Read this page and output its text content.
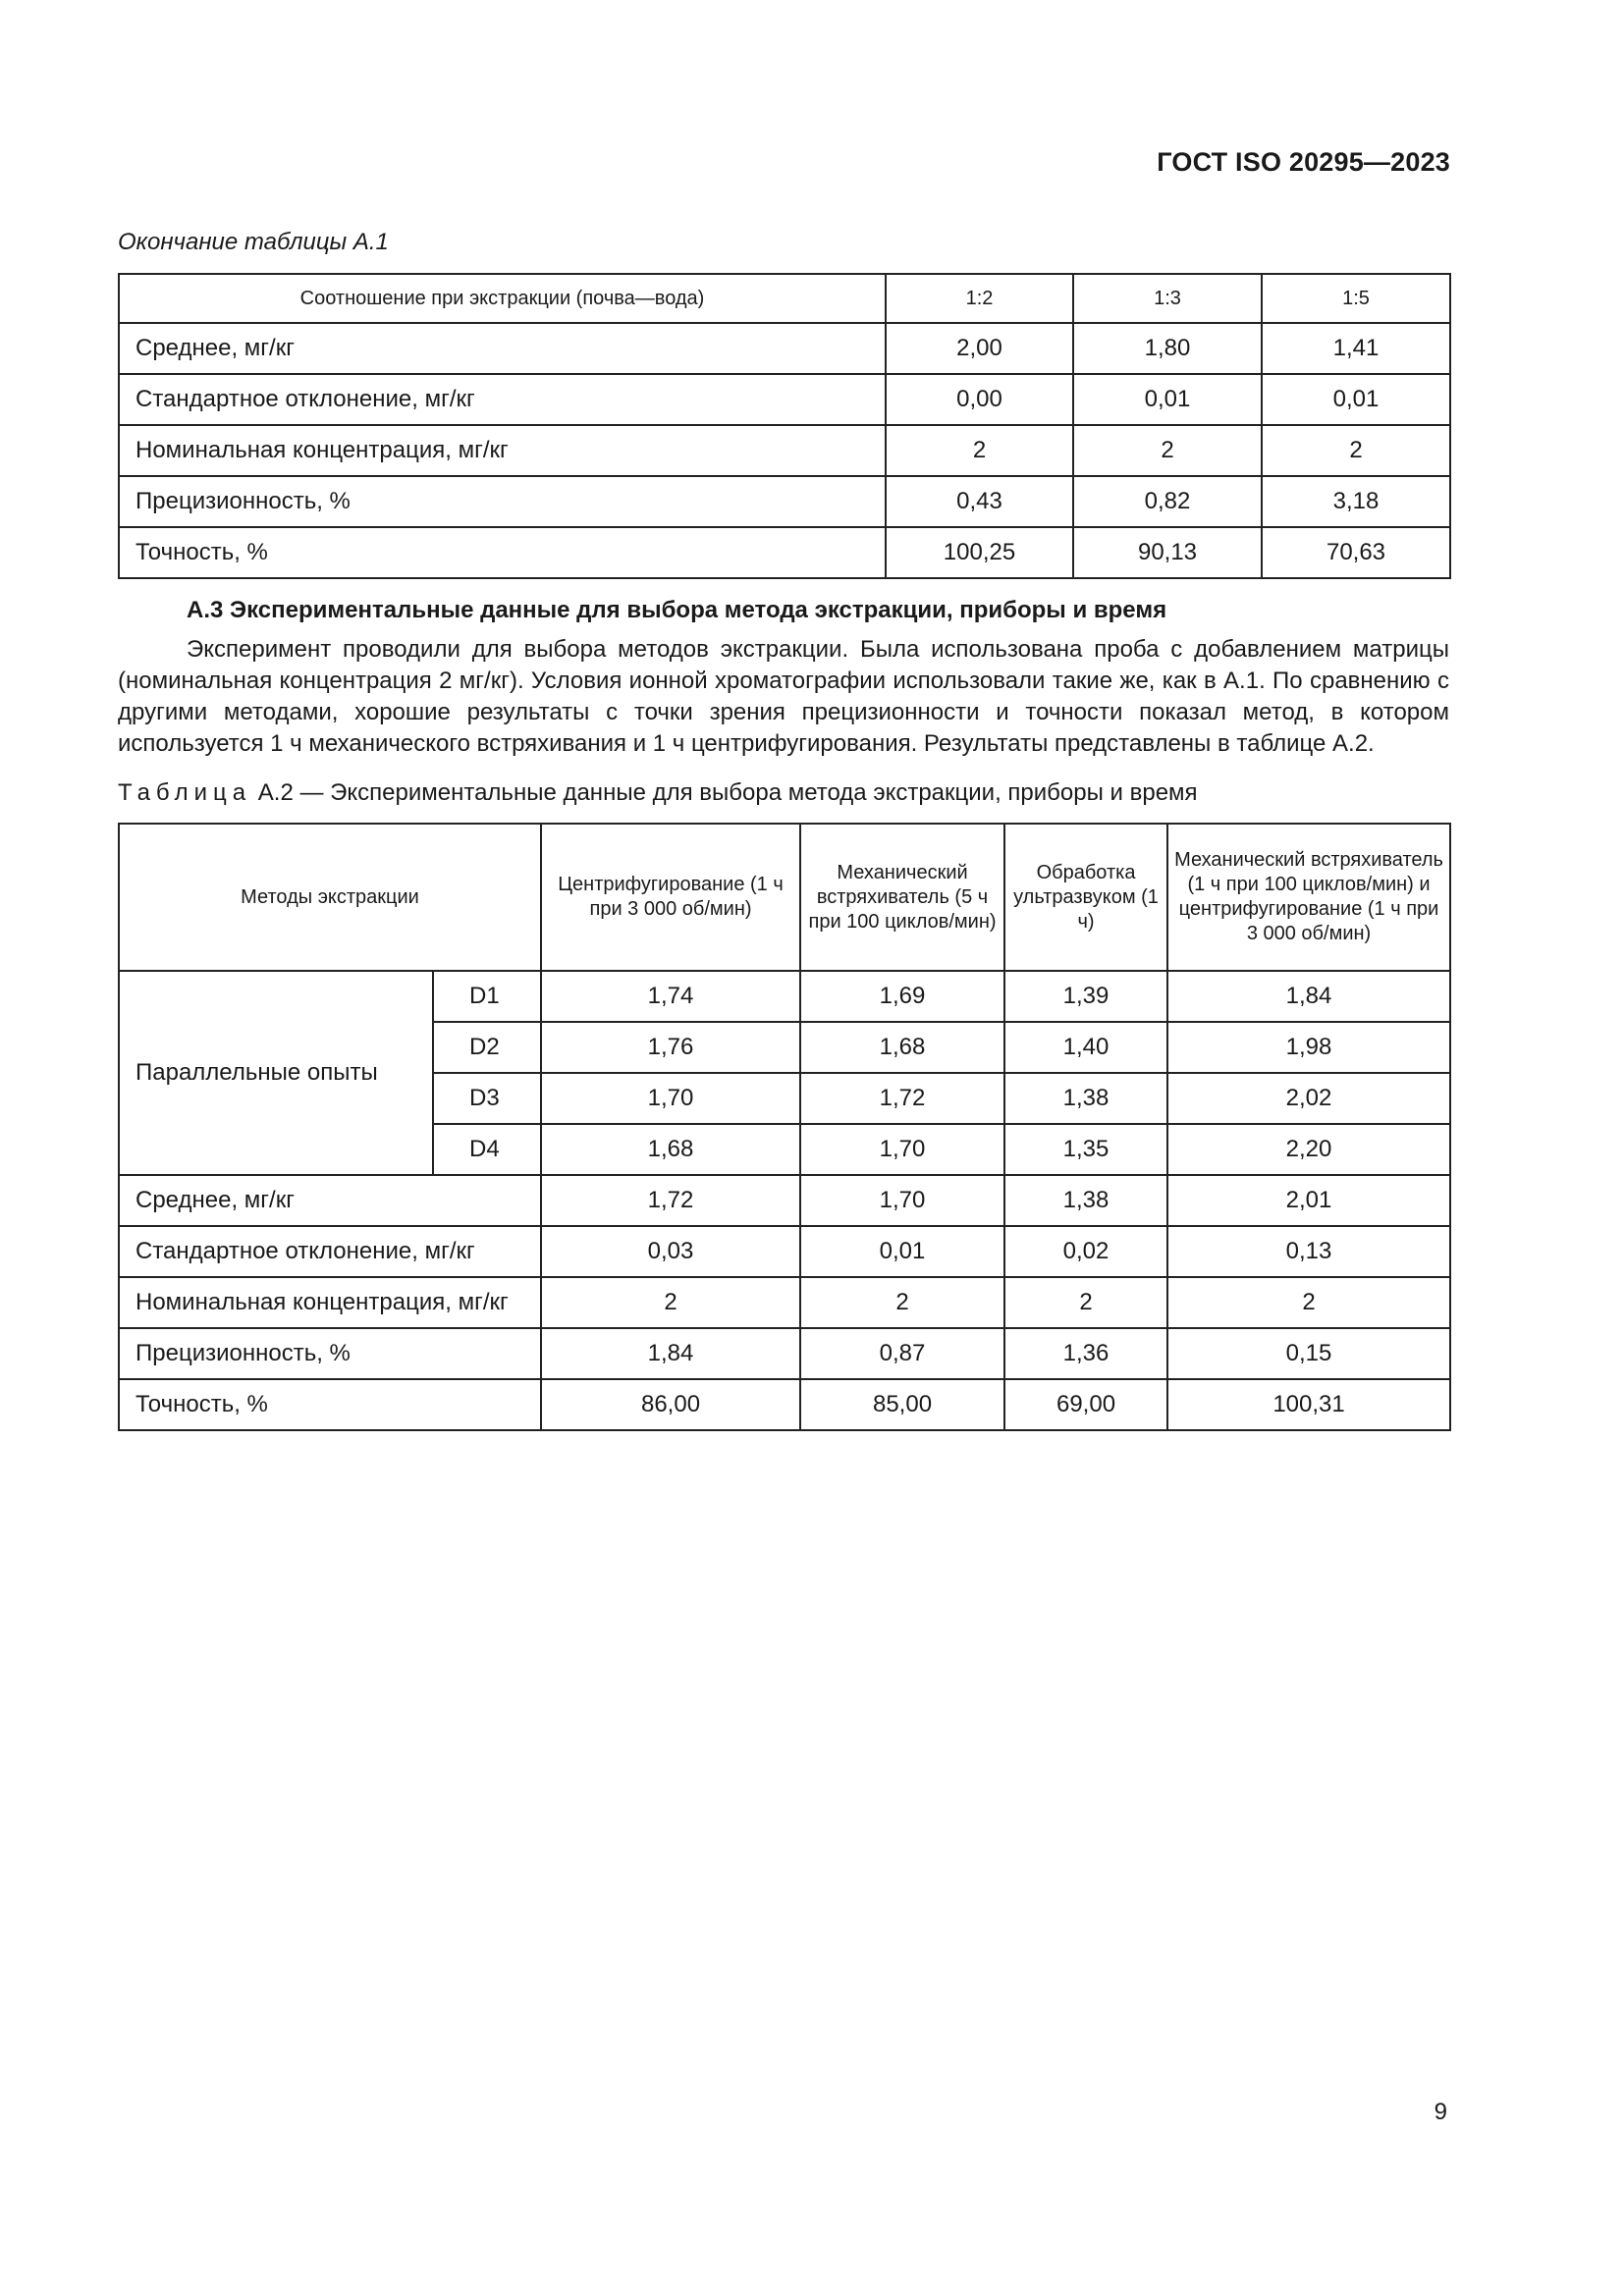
ГОСТ ISO 20295—2023
Окончание таблицы А.1
Соотношение при экстракции (почва—вода)	1:2	1:3	1:5
Среднее, мг/кг	2,00	1,80	1,41
Стандартное отклонение, мг/кг	0,00	0,01	0,01
Номинальная концентрация, мг/кг	2	2	2
Прецизионность, %	0,43	0,82	3,18
Точность, %	100,25	90,13	70,63
А.3 Экспериментальные данные для выбора метода экстракции, приборы и время

Эксперимент проводили для выбора методов экстракции. Была использована проба с добавлением матрицы (номинальная концентрация 2 мг/кг). Условия ионной хроматографии использовали такие же, как в А.1. По сравнению с другими методами, хорошие результаты с точки зрения прецизионности и точности показал метод, в котором используется 1 ч механического встряхивания и 1 ч центрифугирования. Результаты представлены в таблице А.2.

Таблица А.2 — Экспериментальные данные для выбора метода экстракции, приборы и время
Методы экстракции		Центрифугирование (1 ч при 3 000 об/мин)	Механический встряхиватель (5 ч при 100 циклов/мин)	Обработка ультразвуком (1 ч)	Механический встряхиватель (1 ч при 100 циклов/мин) и центрифугирование (1 ч при 3 000 об/мин)
Параллельные опыты	D1	1,74	1,69	1,39	1,84
	D2	1,76	1,68	1,40	1,98
	D3	1,70	1,72	1,38	2,02
	D4	1,68	1,70	1,35	2,20
Среднее, мг/кг		1,72	1,70	1,38	2,01
Стандартное отклонение, мг/кг		0,03	0,01	0,02	0,13
Номинальная концентрация, мг/кг		2	2	2	2
Прецизионность, %		1,84	0,87	1,36	0,15
Точность, %		86,00	85,00	69,00	100,31
9
